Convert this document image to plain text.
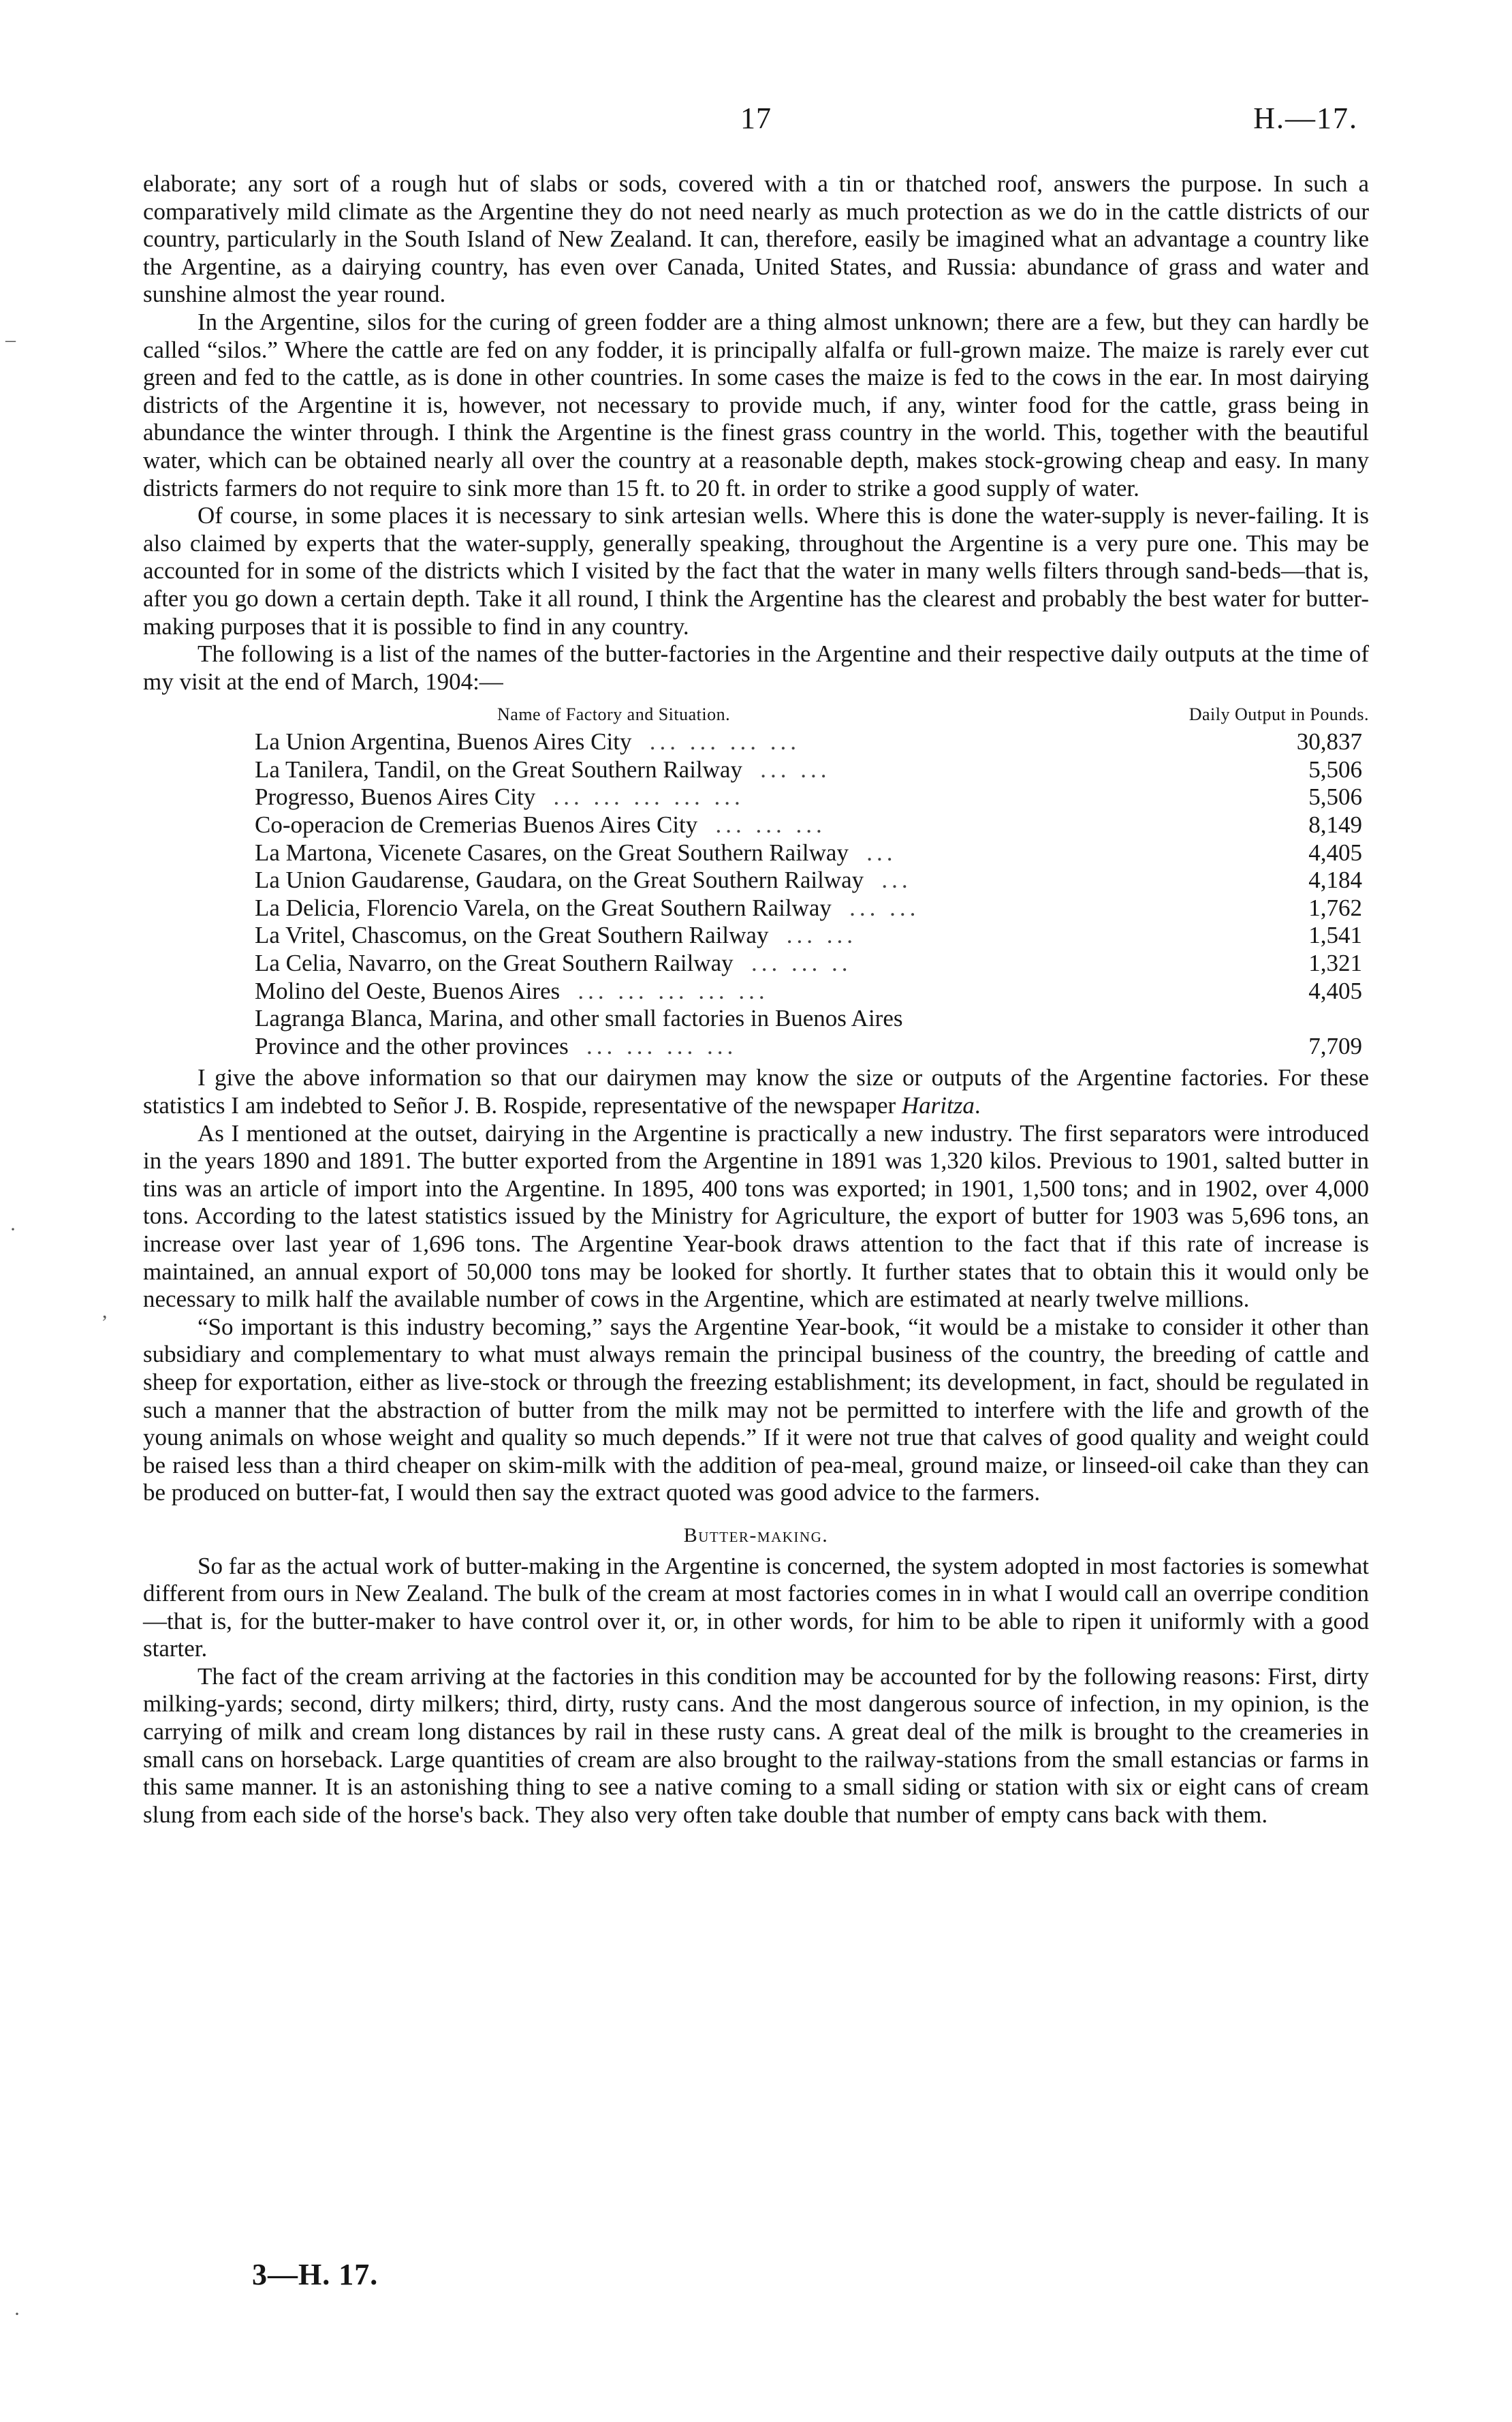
17	H.—17.
–
·
,
·

elaborate; any sort of a rough hut of slabs or sods, covered with a tin or thatched roof, answers the purpose. In such a comparatively mild climate as the Argentine they do not need nearly as much protection as we do in the cattle districts of our country, particularly in the South Island of New Zealand. It can, therefore, easily be imagined what an advantage a country like the Argentine, as a dairying country, has even over Canada, United States, and Russia: abundance of grass and water and sunshine almost the year round.

In the Argentine, silos for the curing of green fodder are a thing almost unknown; there are a few, but they can hardly be called “silos.” Where the cattle are fed on any fodder, it is principally alfalfa or full-grown maize. The maize is rarely ever cut green and fed to the cattle, as is done in other countries. In some cases the maize is fed to the cows in the ear. In most dairying districts of the Argentine it is, however, not necessary to provide much, if any, winter food for the cattle, grass being in abundance the winter through. I think the Argentine is the finest grass country in the world. This, together with the beautiful water, which can be obtained nearly all over the country at a reasonable depth, makes stock-growing cheap and easy. In many districts farmers do not require to sink more than 15 ft. to 20 ft. in order to strike a good supply of water.

Of course, in some places it is necessary to sink artesian wells. Where this is done the water-supply is never-failing. It is also claimed by experts that the water-supply, generally speaking, throughout the Argentine is a very pure one. This may be accounted for in some of the districts which I visited by the fact that the water in many wells filters through sand-beds—that is, after you go down a certain depth. Take it all round, I think the Argentine has the clearest and probably the best water for butter-making purposes that it is possible to find in any country.

The following is a list of the names of the butter-factories in the Argentine and their respective daily outputs at the time of my visit at the end of March, 1904:—

Name of Factory and Situation.	Daily Output in Pounds.
La Union Argentina, Buenos Aires City ... ... ... ...	30,837
La Tanilera, Tandil, on the Great Southern Railway ... ...	5,506
Progresso, Buenos Aires City ... ... ... ... ...	5,506
Co-operacion de Cremerias Buenos Aires City ... ... ...	8,149
La Martona, Vicenete Casares, on the Great Southern Railway ...	4,405
La Union Gaudarense, Gaudara, on the Great Southern Railway ...	4,184
La Delicia, Florencio Varela, on the Great Southern Railway ... ...	1,762
La Vritel, Chascomus, on the Great Southern Railway ... ...	1,541
La Celia, Navarro, on the Great Southern Railway ... ... ..	1,321
Molino del Oeste, Buenos Aires ... ... ... ... ...	4,405
Lagranga Blanca, Marina, and other small factories in Buenos Aires	
Province and the other provinces ... ... ... ...	7,709

I give the above information so that our dairymen may know the size or outputs of the Argentine factories. For these statistics I am indebted to Señor J. B. Rospide, representative of the newspaper Haritza.

As I mentioned at the outset, dairying in the Argentine is practically a new industry. The first separators were introduced in the years 1890 and 1891. The butter exported from the Argentine in 1891 was 1,320 kilos. Previous to 1901, salted butter in tins was an article of import into the Argentine. In 1895, 400 tons was exported; in 1901, 1,500 tons; and in 1902, over 4,000 tons. According to the latest statistics issued by the Ministry for Agriculture, the export of butter for 1903 was 5,696 tons, an increase over last year of 1,696 tons. The Argentine Year-book draws attention to the fact that if this rate of increase is maintained, an annual export of 50,000 tons may be looked for shortly. It further states that to obtain this it would only be necessary to milk half the available number of cows in the Argentine, which are estimated at nearly twelve millions.

“So important is this industry becoming,” says the Argentine Year-book, “it would be a mistake to consider it other than subsidiary and complementary to what must always remain the principal business of the country, the breeding of cattle and sheep for exportation, either as live-stock or through the freezing establishment; its development, in fact, should be regulated in such a manner that the abstraction of butter from the milk may not be permitted to interfere with the life and growth of the young animals on whose weight and quality so much depends.” If it were not true that calves of good quality and weight could be raised less than a third cheaper on skim-milk with the addition of pea-meal, ground maize, or linseed-oil cake than they can be produced on butter-fat, I would then say the extract quoted was good advice to the farmers.

Butter-making.

So far as the actual work of butter-making in the Argentine is concerned, the system adopted in most factories is somewhat different from ours in New Zealand. The bulk of the cream at most factories comes in in what I would call an overripe condition—that is, for the butter-maker to have control over it, or, in other words, for him to be able to ripen it uniformly with a good starter.

The fact of the cream arriving at the factories in this condition may be accounted for by the following reasons: First, dirty milking-yards; second, dirty milkers; third, dirty, rusty cans. And the most dangerous source of infection, in my opinion, is the carrying of milk and cream long distances by rail in these rusty cans. A great deal of the milk is brought to the creameries in small cans on horseback. Large quantities of cream are also brought to the railway-stations from the small estancias or farms in this same manner. It is an astonishing thing to see a native coming to a small siding or station with six or eight cans of cream slung from each side of the horse's back. They also very often take double that number of empty cans back with them.

3—H. 17.
